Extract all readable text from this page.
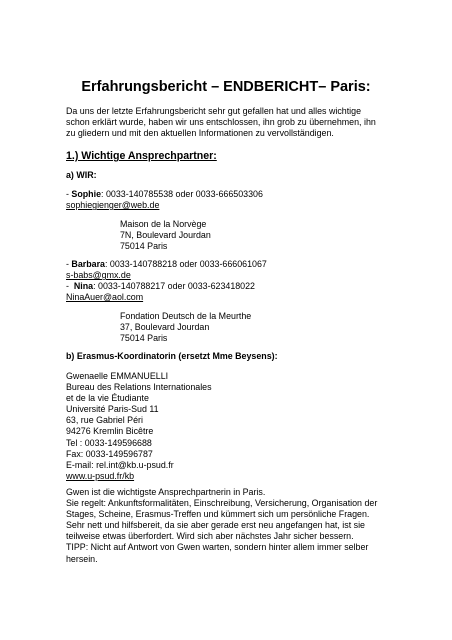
Erfahrungsbericht – ENDBERICHT– Paris:
Da uns der letzte Erfahrungsbericht sehr gut gefallen hat und alles wichtige
schon erklärt wurde, haben wir uns entschlossen, ihn grob zu übernehmen, ihn
zu gliedern und mit den aktuellen Informationen zu vervollständigen.
1.) Wichtige Ansprechpartner:
a) WIR:
- Sophie: 0033-140785538 oder 0033-666503306
sophiegienger@web.de
Maison de la Norvège
7N, Boulevard Jourdan
75014 Paris
- Barbara: 0033-140788218 oder 0033-666061067
s-babs@gmx.de
-  Nina: 0033-140788217 oder 0033-623418022
NinaAuer@aol.com
Fondation Deutsch de la Meurthe
37, Boulevard Jourdan
75014 Paris
b) Erasmus-Koordinatorin (ersetzt Mme Beysens):
Gwenaelle EMMANUELLI
Bureau des Relations Internationales
et de la vie Étudiante
Université Paris-Sud 11
63, rue Gabriel Péri
94276 Kremlin Bicêtre
Tel : 0033-149596688
Fax: 0033-149596787
E-mail: rel.int@kb.u-psud.fr
www.u-psud.fr/kb
Gwen ist die wichtigste Ansprechpartnerin in Paris.
Sie regelt: Ankunftsformalitäten, Einschreibung, Versicherung, Organisation der
Stages, Scheine, Erasmus-Treffen und kümmert sich um persönliche Fragen.
Sehr nett und hilfsbereit, da sie aber gerade erst neu angefangen hat, ist sie
teilweise etwas überfordert. Wird sich aber nächstes Jahr sicher bessern.
TIPP: Nicht auf Antwort von Gwen warten, sondern hinter allem immer selber
hersein.
